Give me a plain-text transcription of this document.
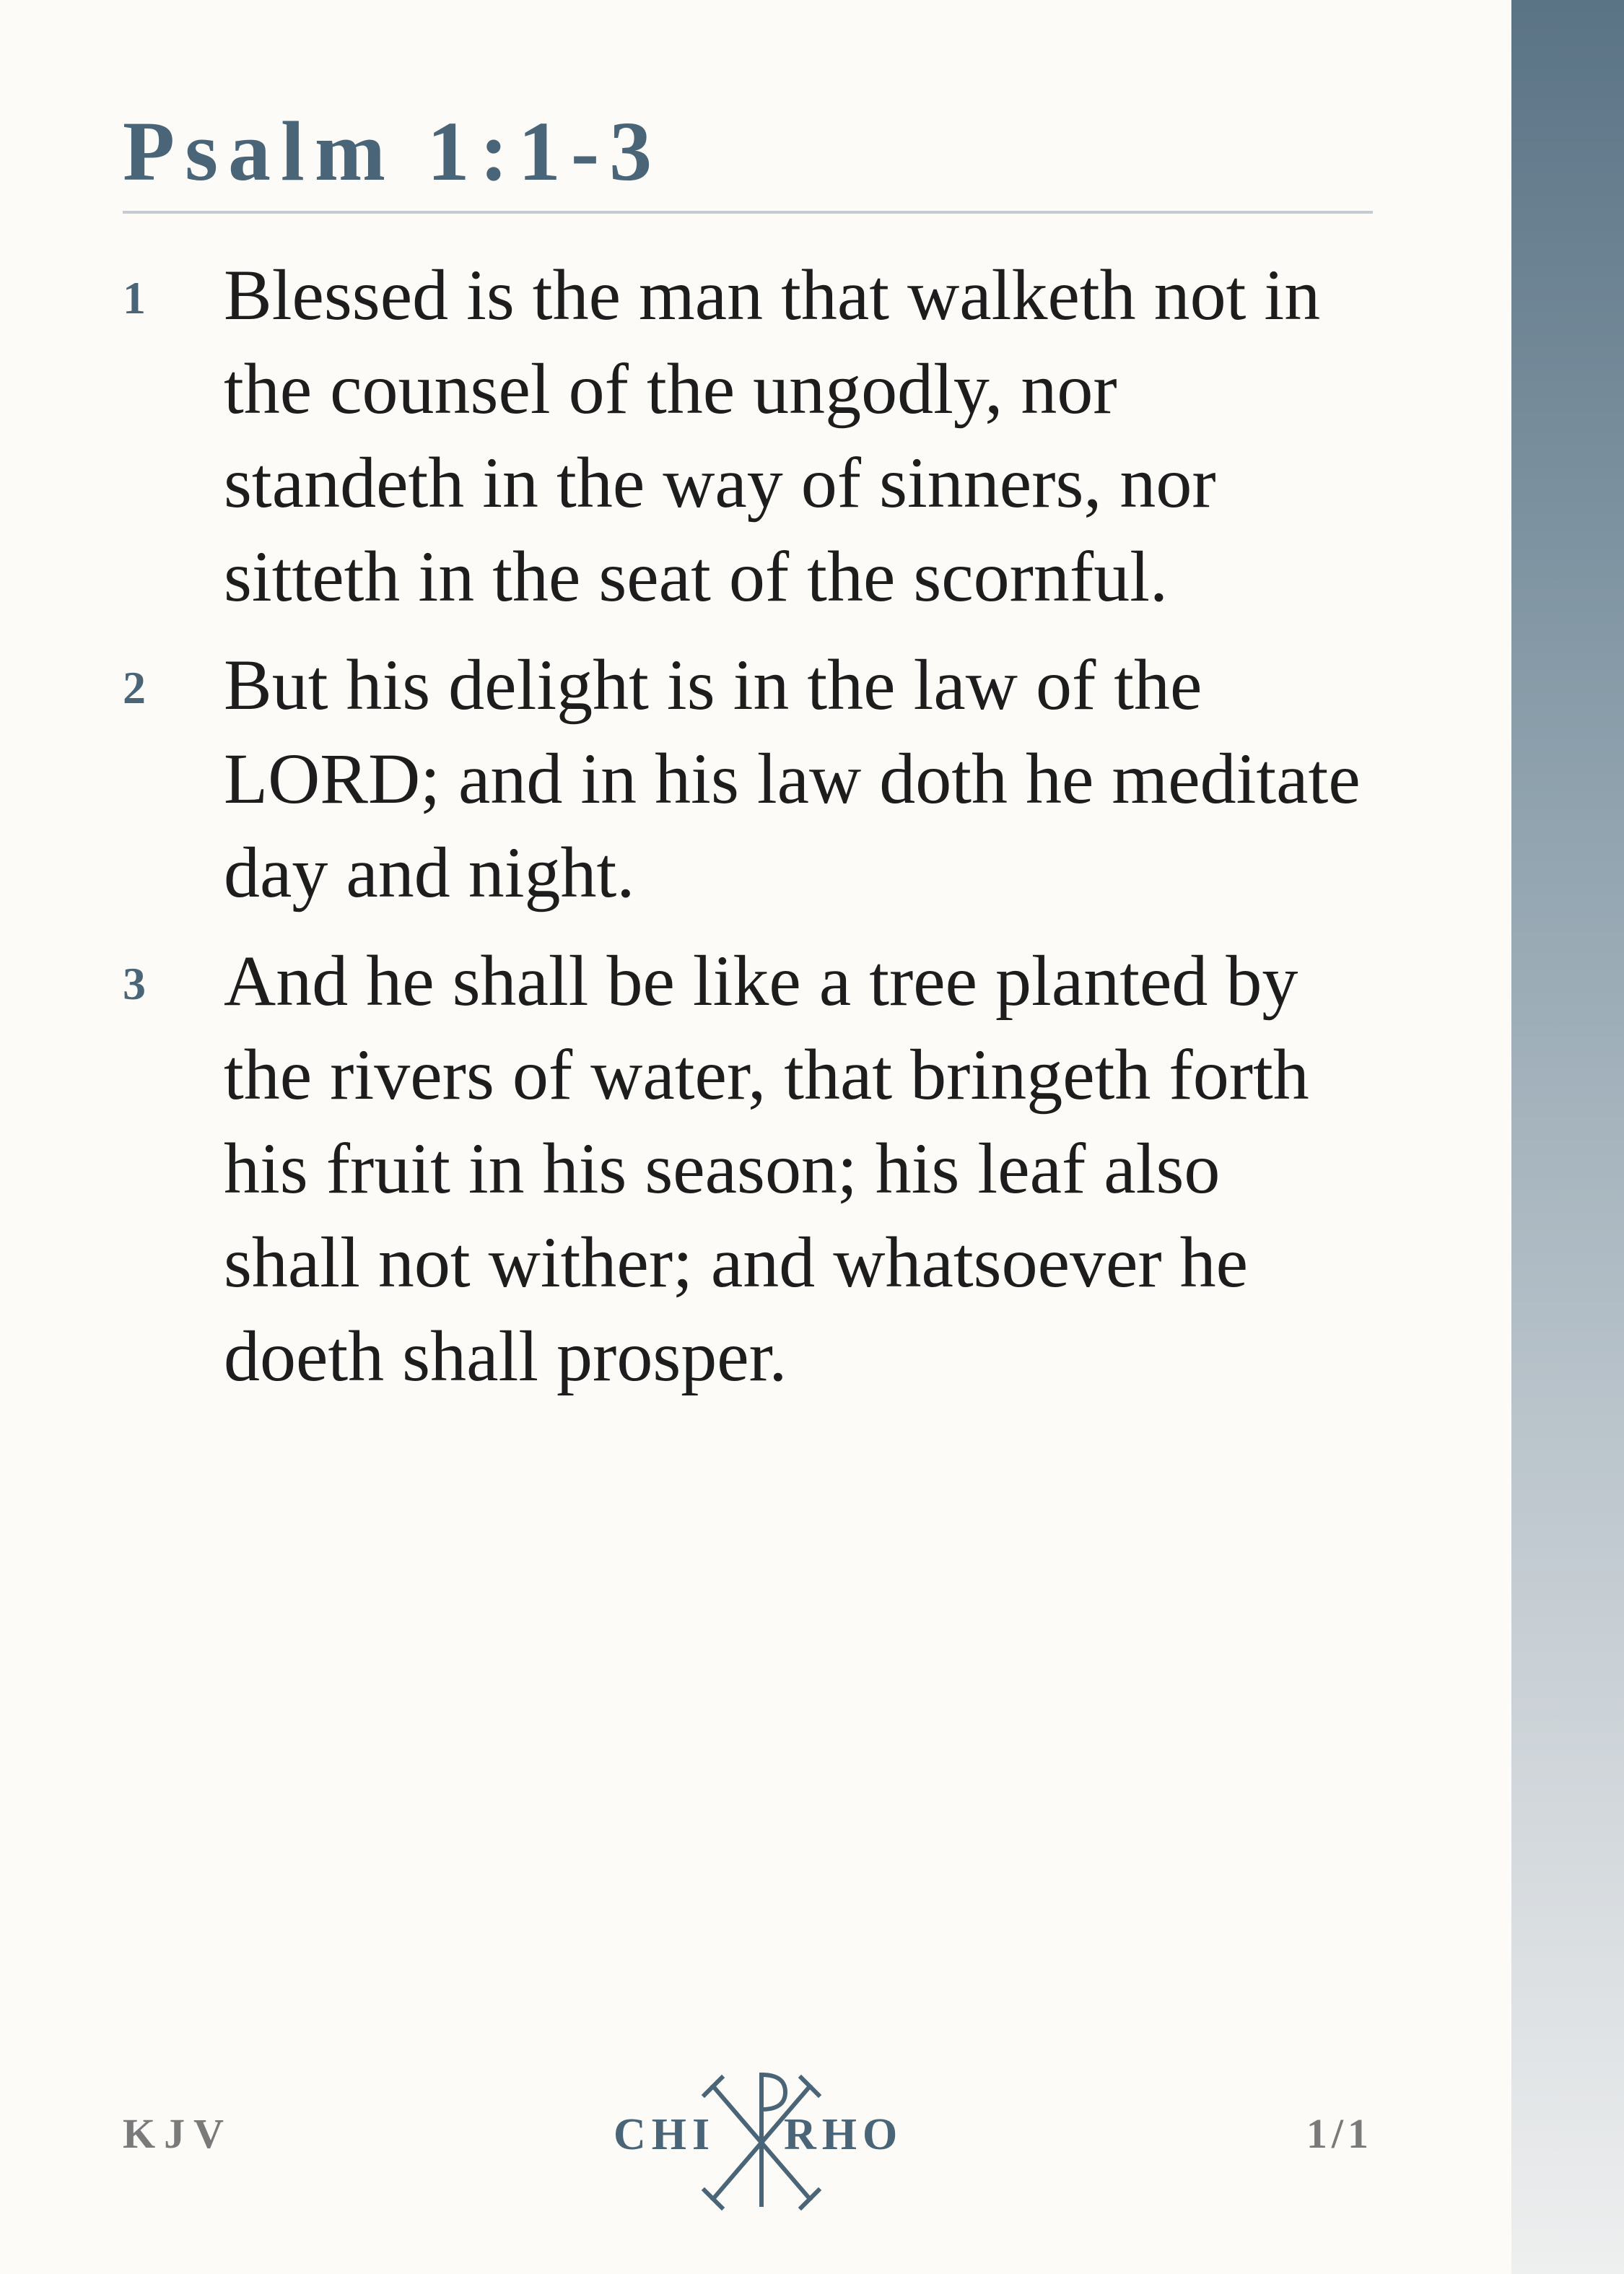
Psalm 1:1-3
1	Blessed is the man that walketh not in the counsel of the ungodly, nor standeth in the way of sinners, nor sitteth in the seat of the scornful.
2	But his delight is in the law of the LORD; and in his law doth he meditate day and night.
3	And he shall be like a tree planted by the rivers of water, that bringeth forth his fruit in his season; his leaf also shall not wither; and whatsoever he doeth shall prosper.
KJV	CHI RHO	1/1
